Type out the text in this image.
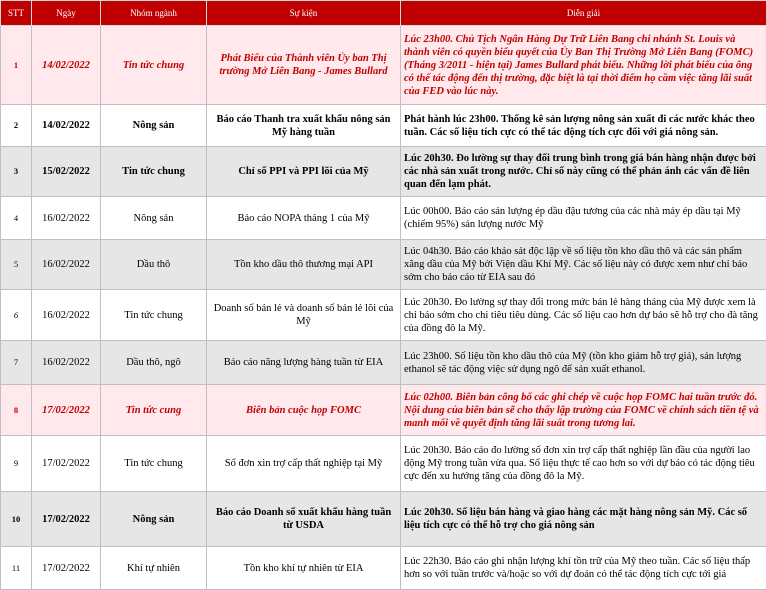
STT	Ngày	Nhóm ngành	Sự kiện	Diễn giải
1	14/02/2022	Tin tức chung	Phát Biểu của Thành viên Ủy ban Thị trường Mở Liên Bang - James Bullard	Lúc 23h00. Chủ Tịch Ngân Hàng Dự Trữ Liên Bang chi nhánh St. Louis và thành viên có quyền biểu quyết của Ủy Ban Thị Trường Mở Liên Bang (FOMC) (Tháng 3/2011 - hiện tại) James Bullard phát biểu. Những lời phát biểu của ông có thể tác động đến thị trường, đặc biệt là tại thời điểm họ cầm việc tăng lãi suất của FED vào lúc này.
2	14/02/2022	Nông sản	Báo cáo Thanh tra xuất khẩu nông sản Mỹ hàng tuần	Phát hành lúc 23h00. Thống kê sản lượng nông sản xuất đi các nước khác theo tuần. Các số liệu tích cực có thể tác động tích cực đối với giá nông sản.
3	15/02/2022	Tin tức chung	Chỉ số PPI và PPI lõi của Mỹ	Lúc 20h30. Đo lường sự thay đổi trung bình trong giá bán hàng nhận được bởi các nhà sản xuất trong nước. Chỉ số này cũng có thể phản ánh các vấn đề liên quan đến lạm phát.
4	16/02/2022	Nông sản	Báo cáo NOPA tháng 1 của Mỹ	Lúc 00h00. Báo cáo sản lượng ép dầu đậu tương của các nhà máy ép dầu tại Mỹ (chiếm 95%) sản lượng nước Mỹ
5	16/02/2022	Dầu thô	Tồn kho dầu thô thương mại API	Lúc 04h30. Báo cáo khảo sát độc lập về số liệu tồn kho dầu thô và các sản phẩm xăng dầu của Mỹ bởi Viện dầu Khí Mỹ. Các số liệu này có được xem như chỉ báo sớm cho báo cáo từ EIA sau đó
6	16/02/2022	Tin tức chung	Doanh số bán lẻ và doanh số bán lẻ lõi của Mỹ	Lúc 20h30. Đo lường sự thay đổi trong mức bán lẻ hàng tháng của Mỹ được xem là chỉ báo sớm cho chi tiêu tiêu dùng. Các số liệu cao hơn dự báo sẽ hỗ trợ cho đà tăng của đồng đô la Mỹ.
7	16/02/2022	Dầu thô, ngô	Báo cáo năng lượng hàng tuần từ EIA	Lúc 23h00. Số liệu tồn kho dầu thô của Mỹ (tồn kho giảm hỗ trợ giá), sản lượng ethanol sẽ tác động việc sử dụng ngô để sản xuất ethanol.
8	17/02/2022	Tin tức cung	Biên bản cuộc họp FOMC	Lúc 02h00. Biên bản công bố các ghi chép về cuộc họp FOMC hai tuần trước đó. Nội dung của biên bản sẽ cho thấy lập trường của FOMC về chính sách tiền tệ và manh mối về quyết định tăng lãi suất trong tương lai.
9	17/02/2022	Tin tức chung	Số đơn xin trợ cấp thất nghiệp tại Mỹ	Lúc 20h30. Báo cáo đo lường số đơn xin trợ cấp thất nghiệp lần đầu của người lao động Mỹ trong tuần vừa qua. Số liệu thực tế cao hơn so với dự báo có tác động tiêu cực đến xu hướng tăng của đồng đô la Mỹ.
10	17/02/2022	Nông sản	Báo cáo Doanh số xuất khẩu hàng tuần từ USDA	Lúc 20h30. Số liệu bán hàng và giao hàng các mặt hàng nông sản Mỹ. Các số liệu tích cực có thể hỗ trợ cho giá nông sản
11	17/02/2022	Khí tự nhiên	Tồn kho khí tự nhiên từ EIA	Lúc 22h30. Báo cáo ghi nhận lượng khí tồn trữ của Mỹ theo tuần. Các số liệu thấp hơn so với tuần trước và/hoặc so với dự đoán có thể tác động tích cực tới giá
